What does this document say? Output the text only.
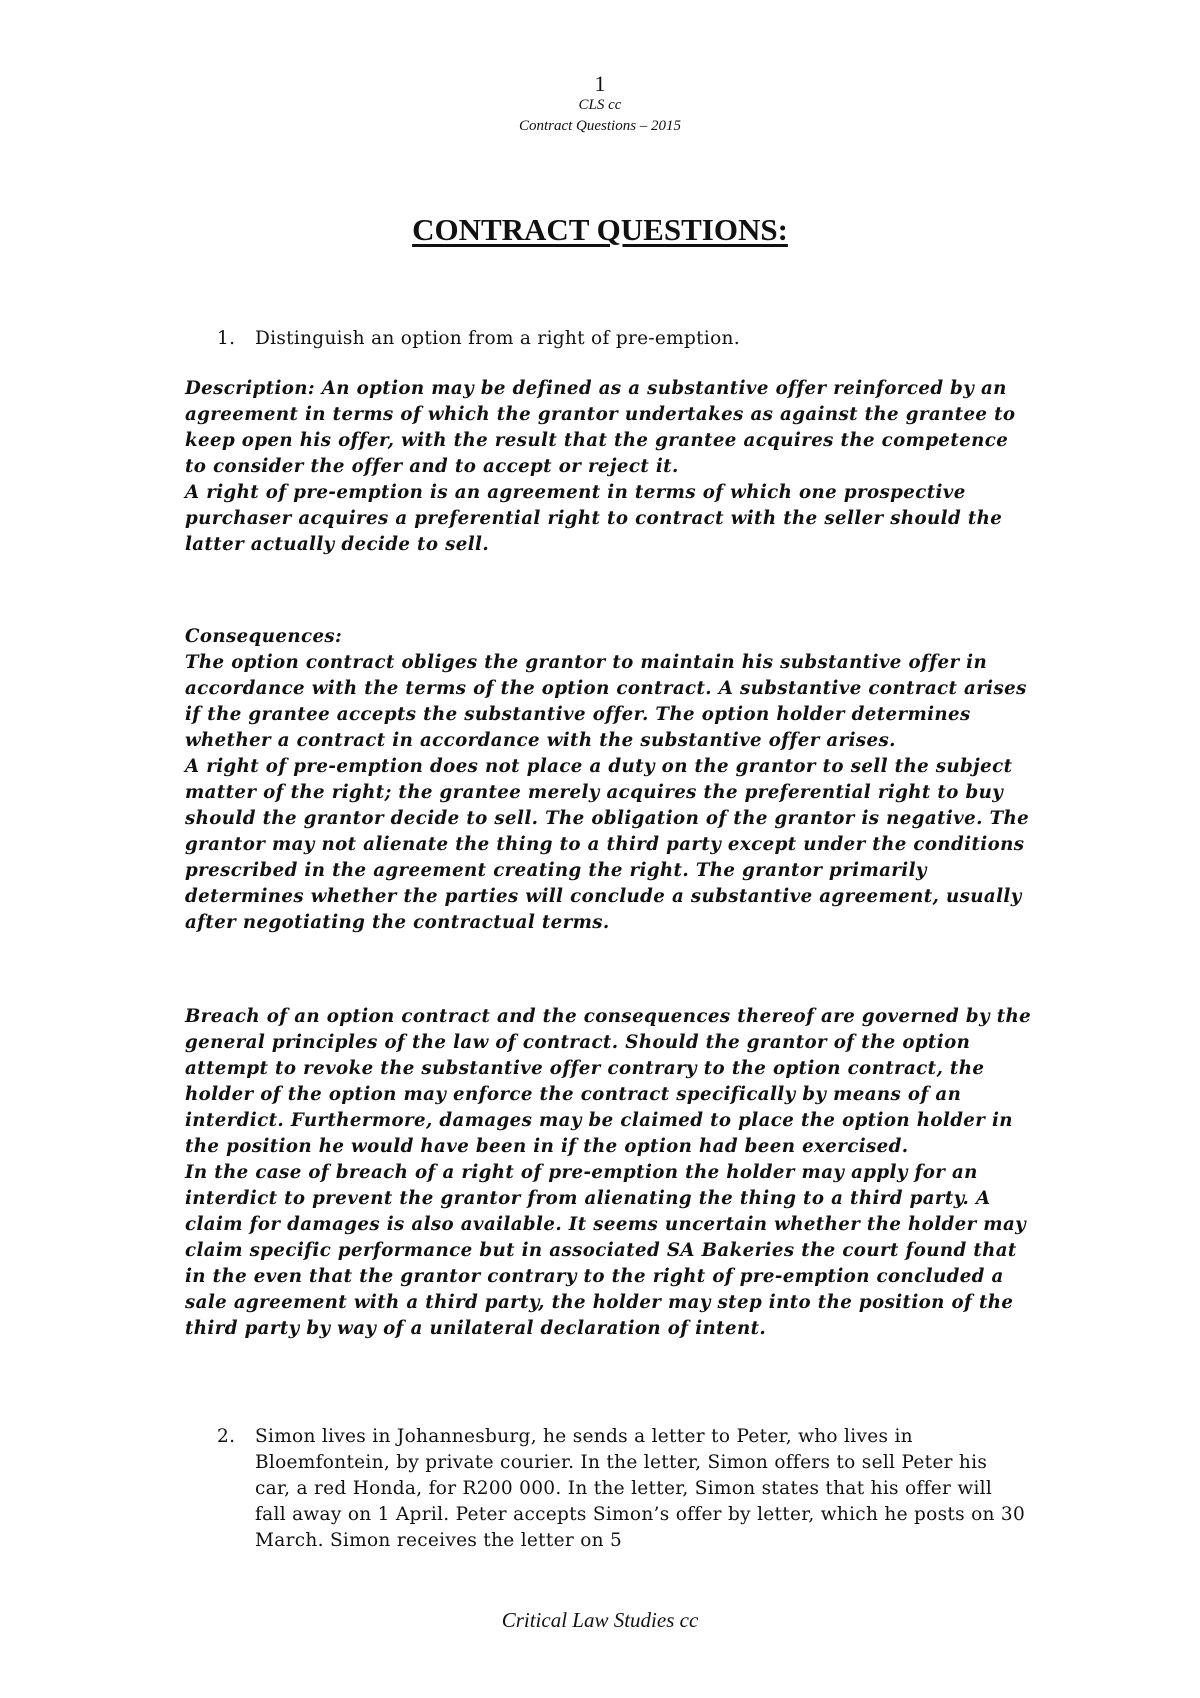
1
CLS cc
Contract Questions – 2015
CONTRACT QUESTIONS:
1. Distinguish an option from a right of pre-emption.

Description: An option may be defined as a substantive offer reinforced by an agreement in terms of which the grantor undertakes as against the grantee to keep open his offer, with the result that the grantee acquires the competence to consider the offer and to accept or reject it.

A right of pre-emption is an agreement in terms of which one prospective purchaser acquires a preferential right to contract with the seller should the latter actually decide to sell.

Consequences:

The option contract obliges the grantor to maintain his substantive offer in accordance with the terms of the option contract. A substantive contract arises if the grantee accepts the substantive offer. The option holder determines whether a contract in accordance with the substantive offer arises.

A right of pre-emption does not place a duty on the grantor to sell the subject matter of the right; the grantee merely acquires the preferential right to buy should the grantor decide to sell. The obligation of the grantor is negative. The grantor may not alienate the thing to a third party except under the conditions prescribed in the agreement creating the right. The grantor primarily determines whether the parties will conclude a substantive agreement, usually after negotiating the contractual terms.

Breach of an option contract and the consequences thereof are governed by the general principles of the law of contract. Should the grantor of the option attempt to revoke the substantive offer contrary to the option contract, the holder of the option may enforce the contract specifically by means of an interdict. Furthermore, damages may be claimed to place the option holder in the position he would have been in if the option had been exercised.

In the case of breach of a right of pre-emption the holder may apply for an interdict to prevent the grantor from alienating the thing to a third party. A claim for damages is also available. It seems uncertain whether the holder may claim specific performance but in associated SA Bakeries the court found that in the even that the grantor contrary to the right of pre-emption concluded a sale agreement with a third party, the holder may step into the position of the third party by way of a unilateral declaration of intent.

2. Simon lives in Johannesburg, he sends a letter to Peter, who lives in Bloemfontein, by private courier. In the letter, Simon offers to sell Peter his car, a red Honda, for R200 000. In the letter, Simon states that his offer will fall away on 1 April. Peter accepts Simon’s offer by letter, which he posts on 30 March. Simon receives the letter on 5
Critical Law Studies cc
